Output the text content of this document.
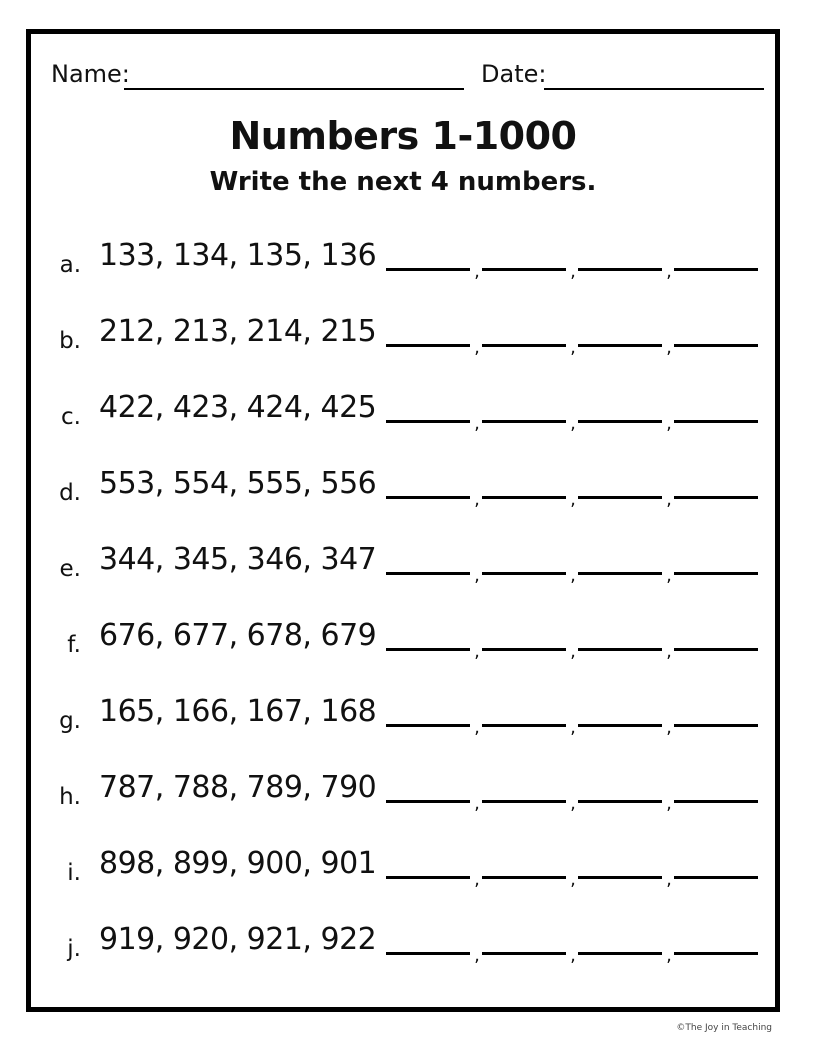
Name:	Date:
Numbers 1-1000
Write the next 4 numbers.
a. 133, 134, 135, 136	,	,	,
b. 212, 213, 214, 215	,	,	,
c. 422, 423, 424, 425	,	,	,
d. 553, 554, 555, 556	,	,	,
e. 344, 345, 346, 347	,	,	,
f. 676, 677, 678, 679	,	,	,
g. 165, 166, 167, 168	,	,	,
h. 787, 788, 789, 790	,	,	,
i. 898, 899, 900, 901	,	,	,
j. 919, 920, 921, 922	,	,	,
©The Joy in Teaching
